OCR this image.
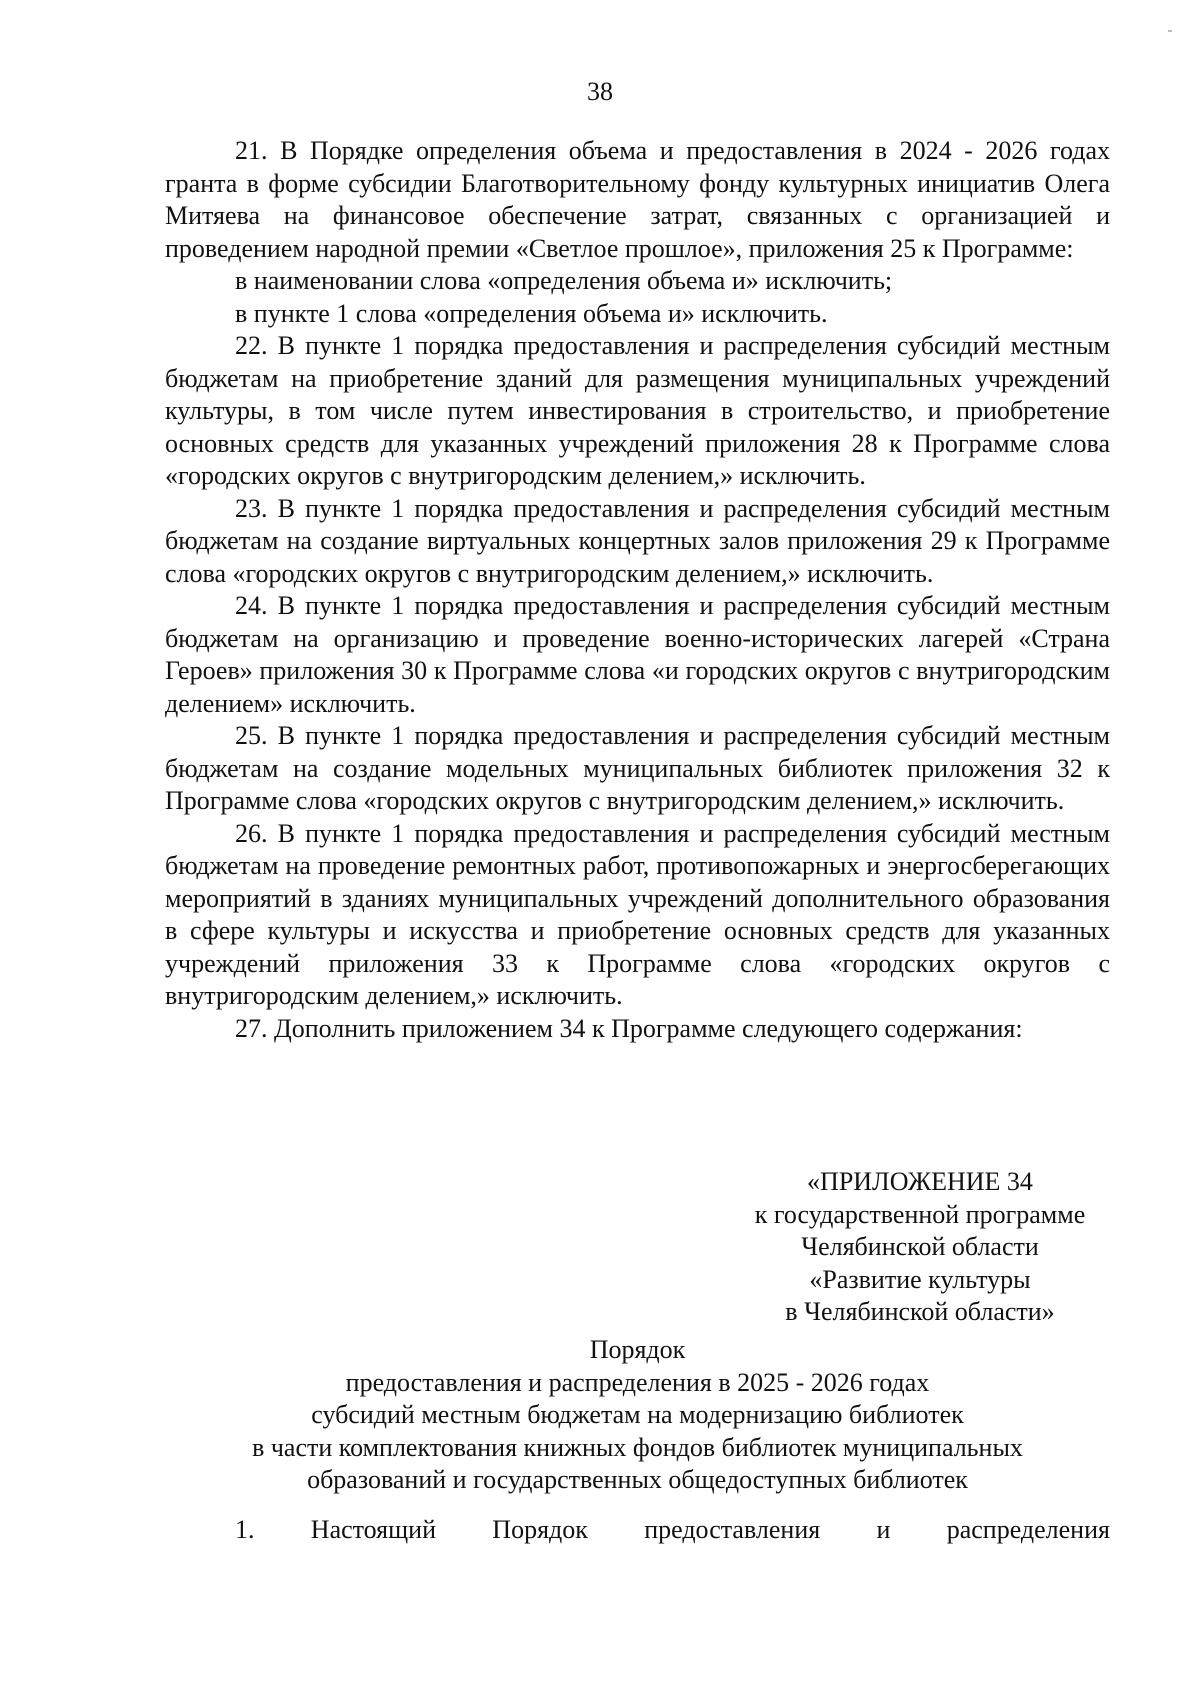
38

21. В Порядке определения объема и предоставления в 2024 - 2026 годах гранта в форме субсидии Благотворительному фонду культурных инициатив Олега Митяева на финансовое обеспечение затрат, связанных с организацией и проведением народной премии «Светлое прошлое», приложения 25 к Программе:

в наименовании слова «определения объема и» исключить;

в пункте 1 слова «определения объема и» исключить.

22. В пункте 1 порядка предоставления и распределения субсидий местным бюджетам на приобретение зданий для размещения муниципальных учреждений культуры, в том числе путем инвестирования в строительство, и приобретение основных средств для указанных учреждений приложения 28 к Программе слова «городских округов с внутригородским делением,» исключить.

23. В пункте 1 порядка предоставления и распределения субсидий местным бюджетам на создание виртуальных концертных залов приложения 29 к Программе слова «городских округов с внутригородским делением,» исключить.

24. В пункте 1 порядка предоставления и распределения субсидий местным бюджетам на организацию и проведение военно-исторических лагерей «Страна Героев» приложения 30 к Программе слова «и городских округов с внутригородским делением» исключить.

25. В пункте 1 порядка предоставления и распределения субсидий местным бюджетам на создание модельных муниципальных библиотек приложения 32 к Программе слова «городских округов с внутригородским делением,» исключить.

26. В пункте 1 порядка предоставления и распределения субсидий местным бюджетам на проведение ремонтных работ, противопожарных и энергосберегающих мероприятий в зданиях муниципальных учреждений дополнительного образования в сфере культуры и искусства и приобретение основных средств для указанных учреждений приложения 33 к Программе слова «городских округов с внутригородским делением,» исключить.

27. Дополнить приложением 34 к Программе следующего содержания:

«ПРИЛОЖЕНИЕ 34
к государственной программе
Челябинской области
«Развитие культуры
в Челябинской области»
Порядок
предоставления и распределения в 2025 - 2026 годах
субсидий местным бюджетам на модернизацию библиотек
в части комплектования книжных фондов библиотек муниципальных
образований и государственных общедоступных библиотек
1. Настоящий Порядок предоставления и распределения
